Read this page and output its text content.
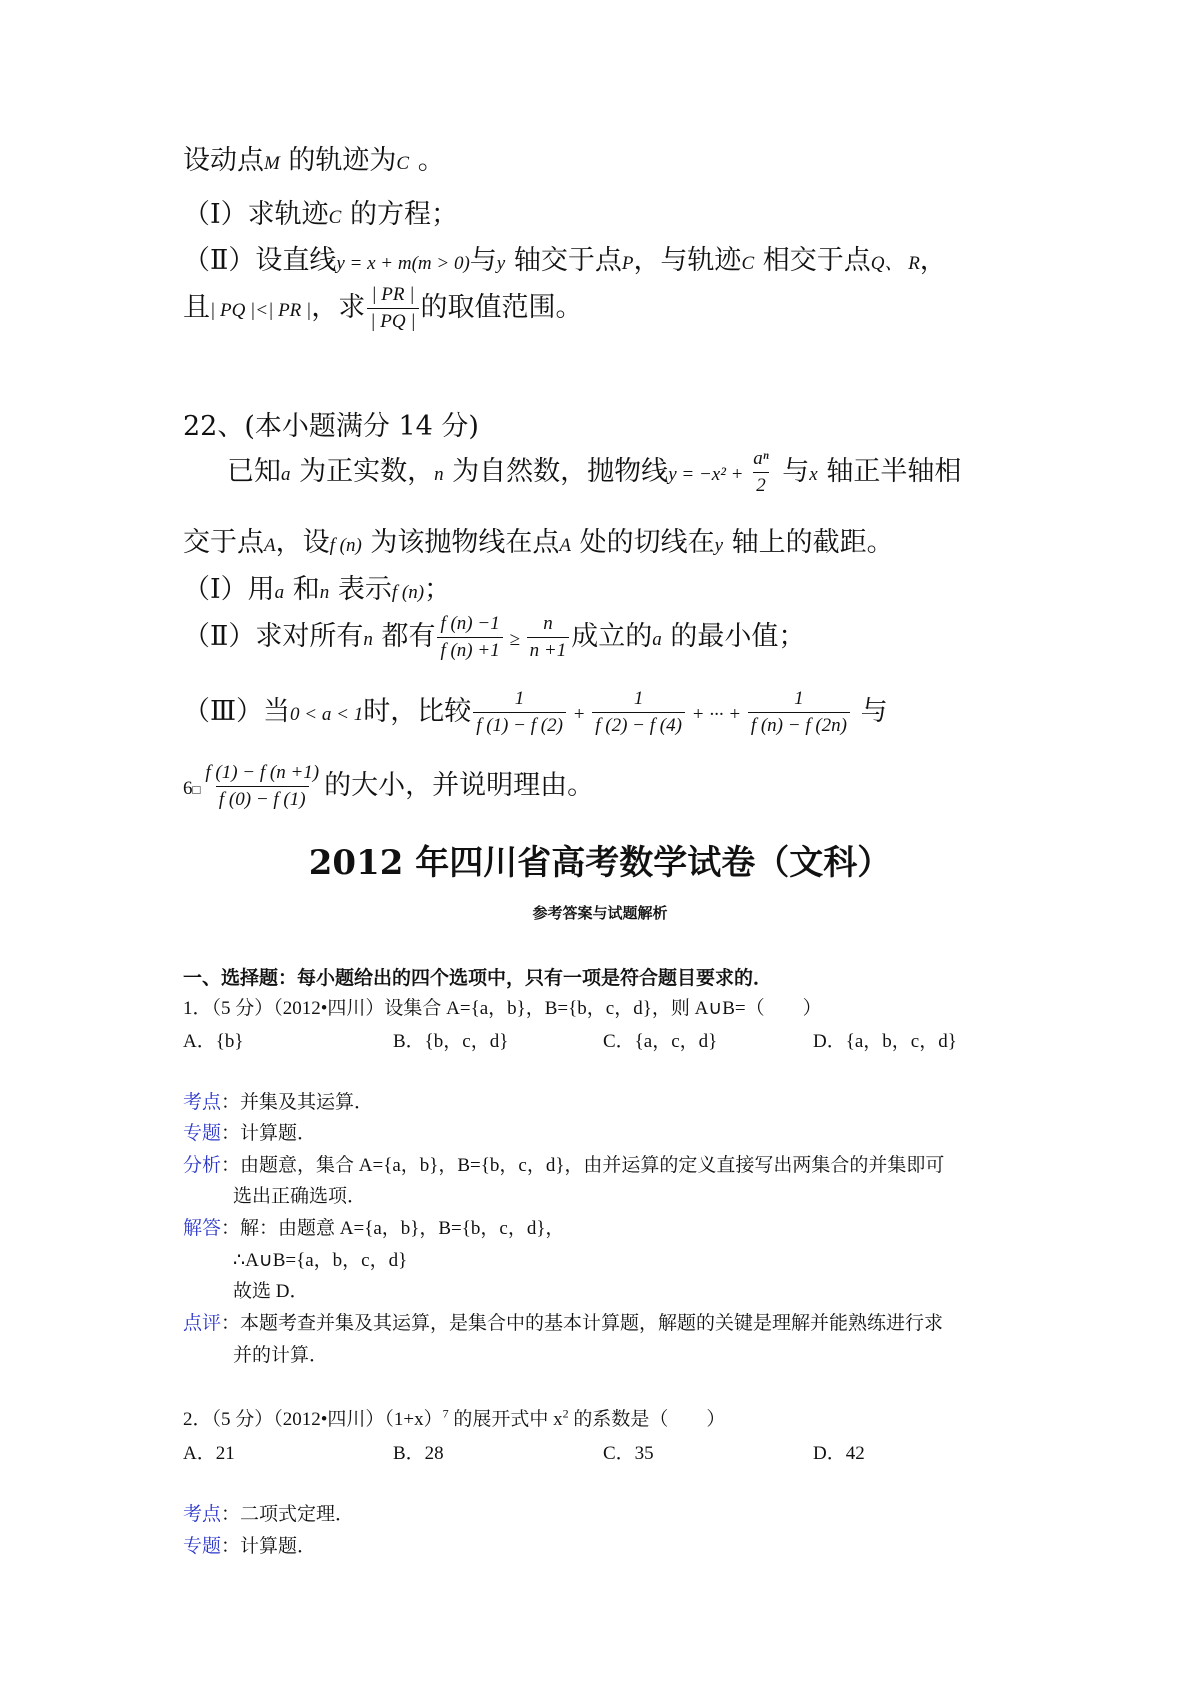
设动点M 的轨迹为C 。
（Ⅰ）求轨迹C 的方程；
（Ⅱ）设直线y = x + m(m > 0)与y 轴交于点P，与轨迹C 相交于点Q、 R，
且| PQ |<| PR |，求 $\frac{| PR |}{| PQ |}$ 的取值范围。
22、(本小题满分 14 分)
已知a 为正实数，n 为自然数，抛物线$y = -x^2 + \frac{\text{aⁿ}}{2}$ 与x 轴正半轴相
交于点A，设f (n) 为该抛物线在点A 处的切线在y 轴上的截距。
（Ⅰ）用a 和n 表示f (n)；
（Ⅱ）求对所有n 都有 $\frac{f (n) -1}{f (n) +1} \ge \frac{n}{n +1}$ 成立的a 的最小值；
（Ⅲ）当0 < a < 1时，比较 $\frac{1}{f (1) - f (2)} + \frac{1}{f (2) - f (4)}$ + ··· + $\frac{1}{f (n) - f (2n)}$ 与
6□ $\frac{f (1) - f (n +1)}{f (0) - f (1)}$ 的大小，并说明理由。
2012 年四川省高考数学试卷（文科）
参考答案与试题解析
一、选择题：每小题给出的四个选项中，只有一项是符合题目要求的．
1．（5 分）（2012•四川）设集合 A={a，b}，B={b，c，d}，则 A∪B=（　　）
A．{b}	B．{b，c，d}	C．{a，c，d}	D．{a，b，c，d}
考点：并集及其运算．
专题：计算题．
分析：由题意，集合 A={a，b}，B={b，c，d}，由并运算的定义直接写出两集合的并集即可
选出正确选项．
解答：解：由题意 A={a，b}，B={b，c，d}，
∴A∪B={a，b，c，d}
故选 D．
点评：本题考查并集及其运算，是集合中的基本计算题，解题的关键是理解并能熟练进行求
并的计算．
2．（5 分）（2012•四川）$(1+x)^7$ 的展开式中 $x^2$ 的系数是（　　）
A．21	B．28	C．35	D．42
考点：二项式定理．
专题：计算题．
